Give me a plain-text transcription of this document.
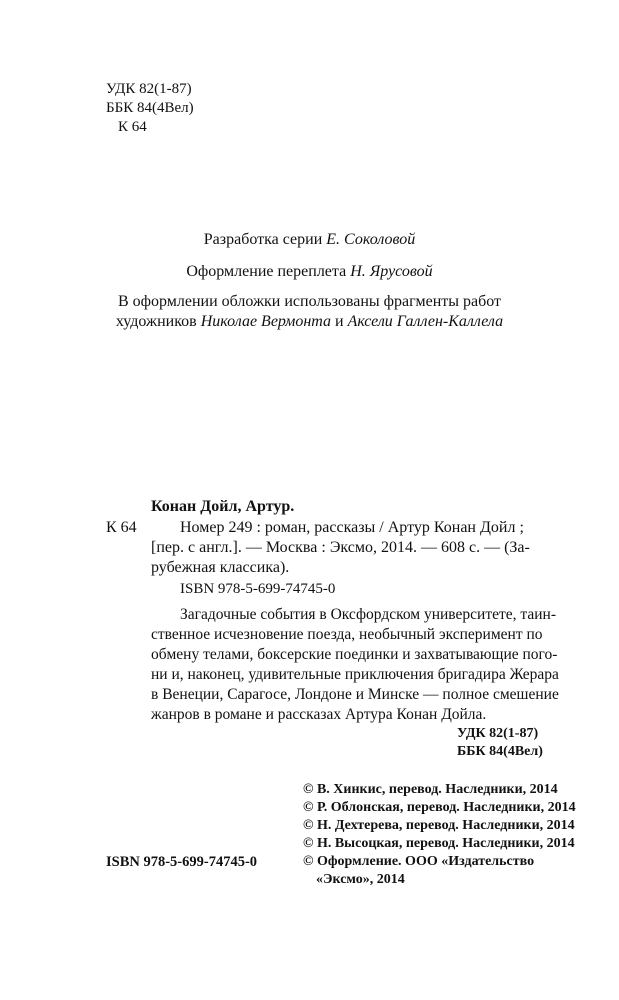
УДК 82(1-87)
ББК 84(4Вел)
К 64
Разработка серии Е. Соколовой
Оформление переплета Н. Ярусовой
В оформлении обложки использованы фрагменты работ
художников Николае Вермонта и Аксели Галлен-Каллела
Конан Дойл, Артур.
К 64	Номер 249 : роман, рассказы / Артур Конан Дойл ;
[пер. с англ.]. — Москва : Эксмо, 2014. — 608 с. — (За-
рубежная классика).
ISBN 978-5-699-74745-0
Загадочные события в Оксфордском университете, таин-
ственное исчезновение поезда, необычный эксперимент по
обмену телами, боксерские поединки и захватывающие пого-
ни и, наконец, удивительные приключения бригадира Жерара
в Венеции, Сарагосе, Лондоне и Минске — полное смешение
жанров в романе и рассказах Артура Конан Дойла.
УДК 82(1-87)
ББК 84(4Вел)
© В. Хинкис, перевод. Наследники, 2014
© Р. Облонская, перевод. Наследники, 2014
© Н. Дехтерева, перевод. Наследники, 2014
© Н. Высоцкая, перевод. Наследники, 2014
© Оформление. ООО «Издательство
«Эксмо», 2014
ISBN 978-5-699-74745-0
